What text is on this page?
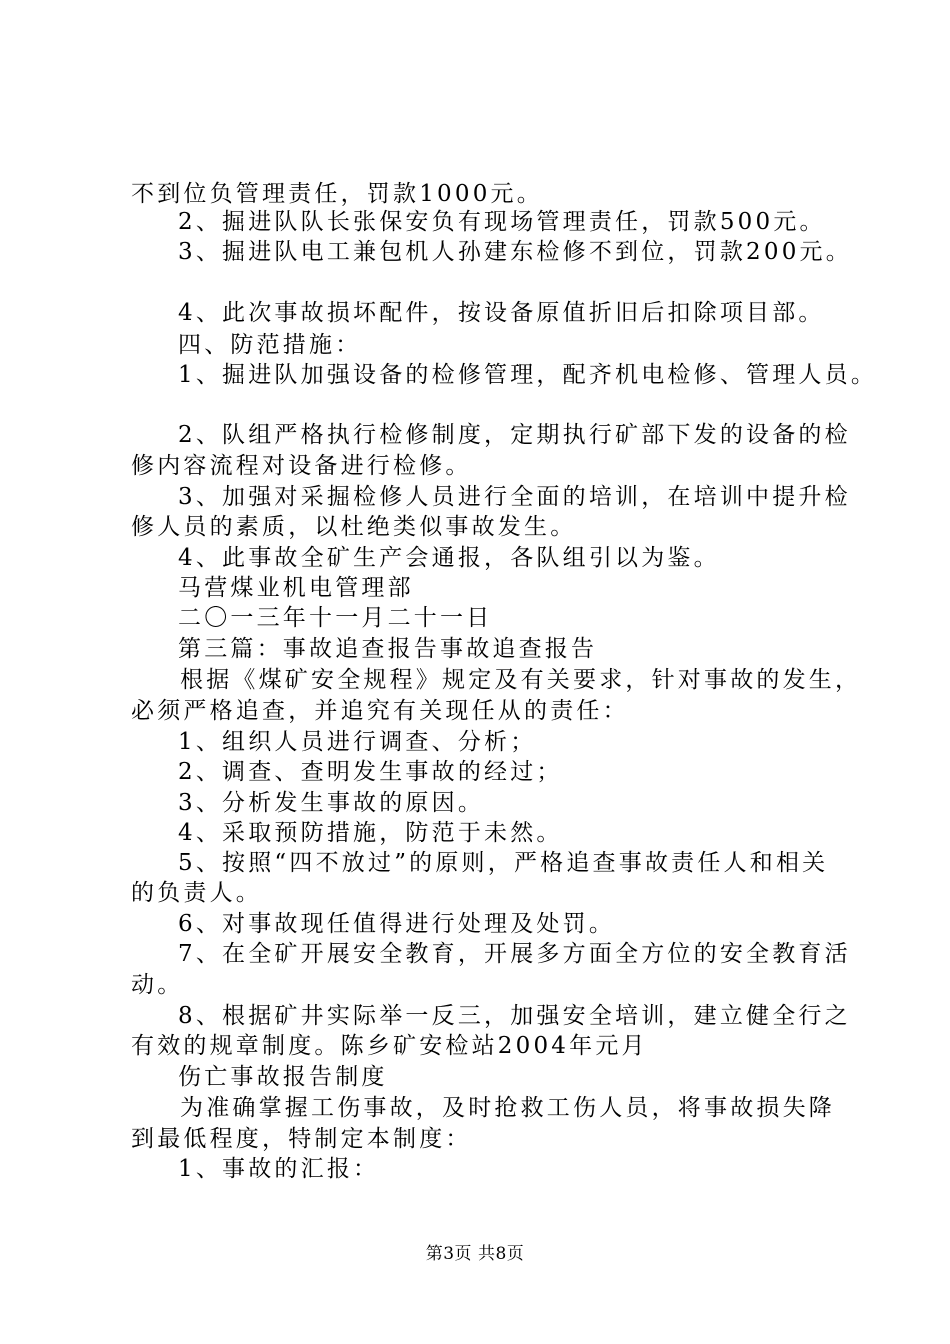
不到位负管理责任，罚款1000元。
2、掘进队队长张保安负有现场管理责任，罚款500元。
3、掘进队电工兼包机人孙建东检修不到位，罚款200元。
4、此次事故损坏配件，按设备原值折旧后扣除项目部。
四、防范措施：
1、掘进队加强设备的检修管理，配齐机电检修、管理人员。
2、队组严格执行检修制度，定期执行矿部下发的设备的检
修内容流程对设备进行检修。
3、加强对采掘检修人员进行全面的培训，在培训中提升检
修人员的素质，以杜绝类似事故发生。
4、此事故全矿生产会通报，各队组引以为鉴。
马营煤业机电管理部
二〇一三年十一月二十一日
第三篇：事故追查报告事故追查报告
根据《煤矿安全规程》规定及有关要求，针对事故的发生，
必须严格追查，并追究有关现任从的责任：
1、组织人员进行调查、分析；
2、调查、查明发生事故的经过；
3、分析发生事故的原因。
4、采取预防措施，防范于未然。
5、按照“四不放过”的原则，严格追查事故责任人和相关
的负责人。
6、对事故现任值得进行处理及处罚。
7、在全矿开展安全教育，开展多方面全方位的安全教育活
动。
8、根据矿井实际举一反三，加强安全培训，建立健全行之
有效的规章制度。陈乡矿安检站2004年元月
伤亡事故报告制度
为准确掌握工伤事故，及时抢救工伤人员，将事故损失降
到最低程度，特制定本制度：
1、事故的汇报：
第3页 共8页
